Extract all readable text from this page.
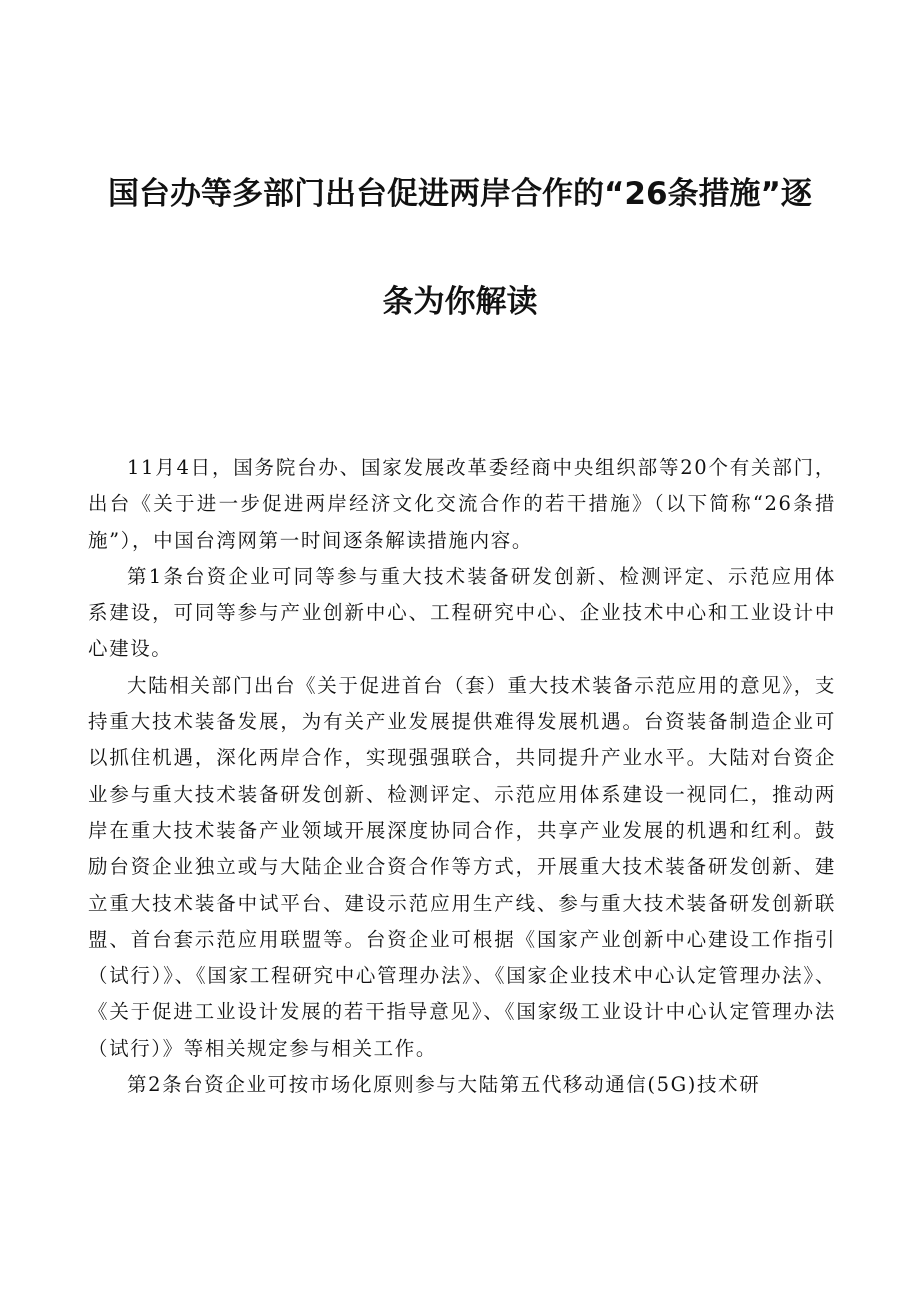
国台办等多部门出台促进两岸合作的“26条措施”逐
条为你解读

11月4日，国务院台办、国家发展改革委经商中央组织部等20个有关部门，出台《关于进一步促进两岸经济文化交流合作的若干措施》（以下简称“26条措施”），中国台湾网第一时间逐条解读措施内容。

第1条台资企业可同等参与重大技术装备研发创新、检测评定、示范应用体系建设，可同等参与产业创新中心、工程研究中心、企业技术中心和工业设计中心建设。

大陆相关部门出台《关于促进首台（套）重大技术装备示范应用的意见》，支持重大技术装备发展，为有关产业发展提供难得发展机遇。台资装备制造企业可以抓住机遇，深化两岸合作，实现强强联合，共同提升产业水平。大陆对台资企业参与重大技术装备研发创新、检测评定、示范应用体系建设一视同仁，推动两岸在重大技术装备产业领域开展深度协同合作，共享产业发展的机遇和红利。鼓励台资企业独立或与大陆企业合资合作等方式，开展重大技术装备研发创新、建立重大技术装备中试平台、建设示范应用生产线、参与重大技术装备研发创新联盟、首台套示范应用联盟等。台资企业可根据《国家产业创新中心建设工作指引（试行）》、《国家工程研究中心管理办法》、《国家企业技术中心认定管理办法》、《关于促进工业设计发展的若干指导意见》、《国家级工业设计中心认定管理办法（试行）》等相关规定参与相关工作。

第2条台资企业可按市场化原则参与大陆第五代移动通信(5G)技术研
